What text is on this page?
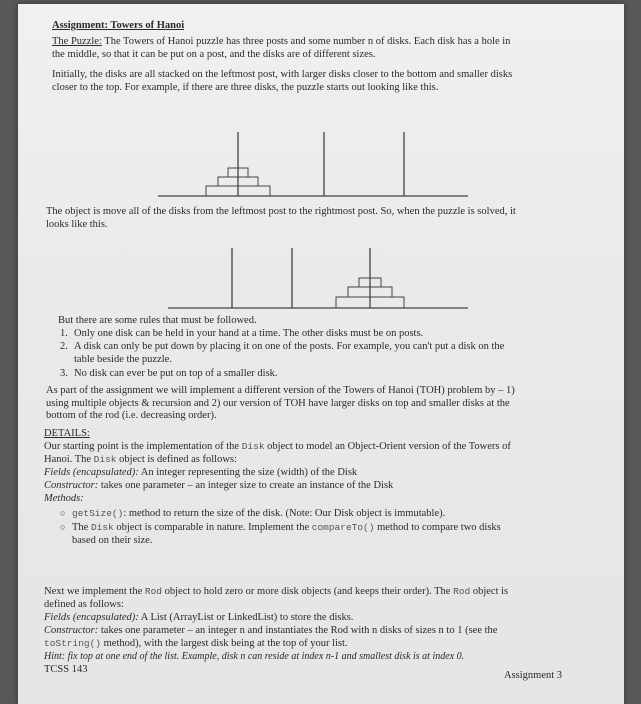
Assignment: Towers of Hanoi

The Puzzle: The Towers of Hanoi puzzle has three posts and some number n of disks. Each disk has a hole in
the middle, so that it can be put on a post, and the disks are of different sizes.

Initially, the disks are all stacked on the leftmost post, with larger disks closer to the bottom and smaller disks
closer to the top. For example, if there are three disks, the puzzle starts out looking like this.

The object is move all of the disks from the leftmost post to the rightmost post. So, when the puzzle is solved, it
looks like this.

But there are some rules that must be followed.

1. Only one disk can be held in your hand at a time. The other disks must be on posts.
2. A disk can only be put down by placing it on one of the posts. For example, you can't put a disk on the
table beside the puzzle.
3. No disk can ever be put on top of a smaller disk.

As part of the assignment we will implement a different version of the Towers of Hanoi (TOH) problem by – 1)
using multiple objects & recursion and 2) our version of TOH have larger disks on top and smaller disks at the
bottom of the rod (i.e. decreasing order).

DETAILS:

Our starting point is the implementation of the Disk object to model an Object-Orient version of the Towers of
Hanoi. The Disk object is defined as follows:

Fields (encapsulated): An integer representing the size (width) of the Disk

Constructor: takes one parameter – an integer size to create an instance of the Disk

Methods:

○ getSize(): method to return the size of the disk. (Note: Our Disk object is immutable).
○ The Disk object is comparable in nature. Implement the compareTo() method to compare two disks
based on their size.

Next we implement the Rod object to hold zero or more disk objects (and keeps their order). The Rod object is
defined as follows:

Fields (encapsulated): A List (ArrayList or LinkedList) to store the disks.

Constructor: takes one parameter – an integer n and instantiates the Rod with n disks of sizes n to 1 (see the
toString() method), with the largest disk being at the top of your list.

Hint: fix top at one end of the list. Example, disk n can reside at index n-1 and smallest disk is at index 0.

TCSS 143

Assignment 3
